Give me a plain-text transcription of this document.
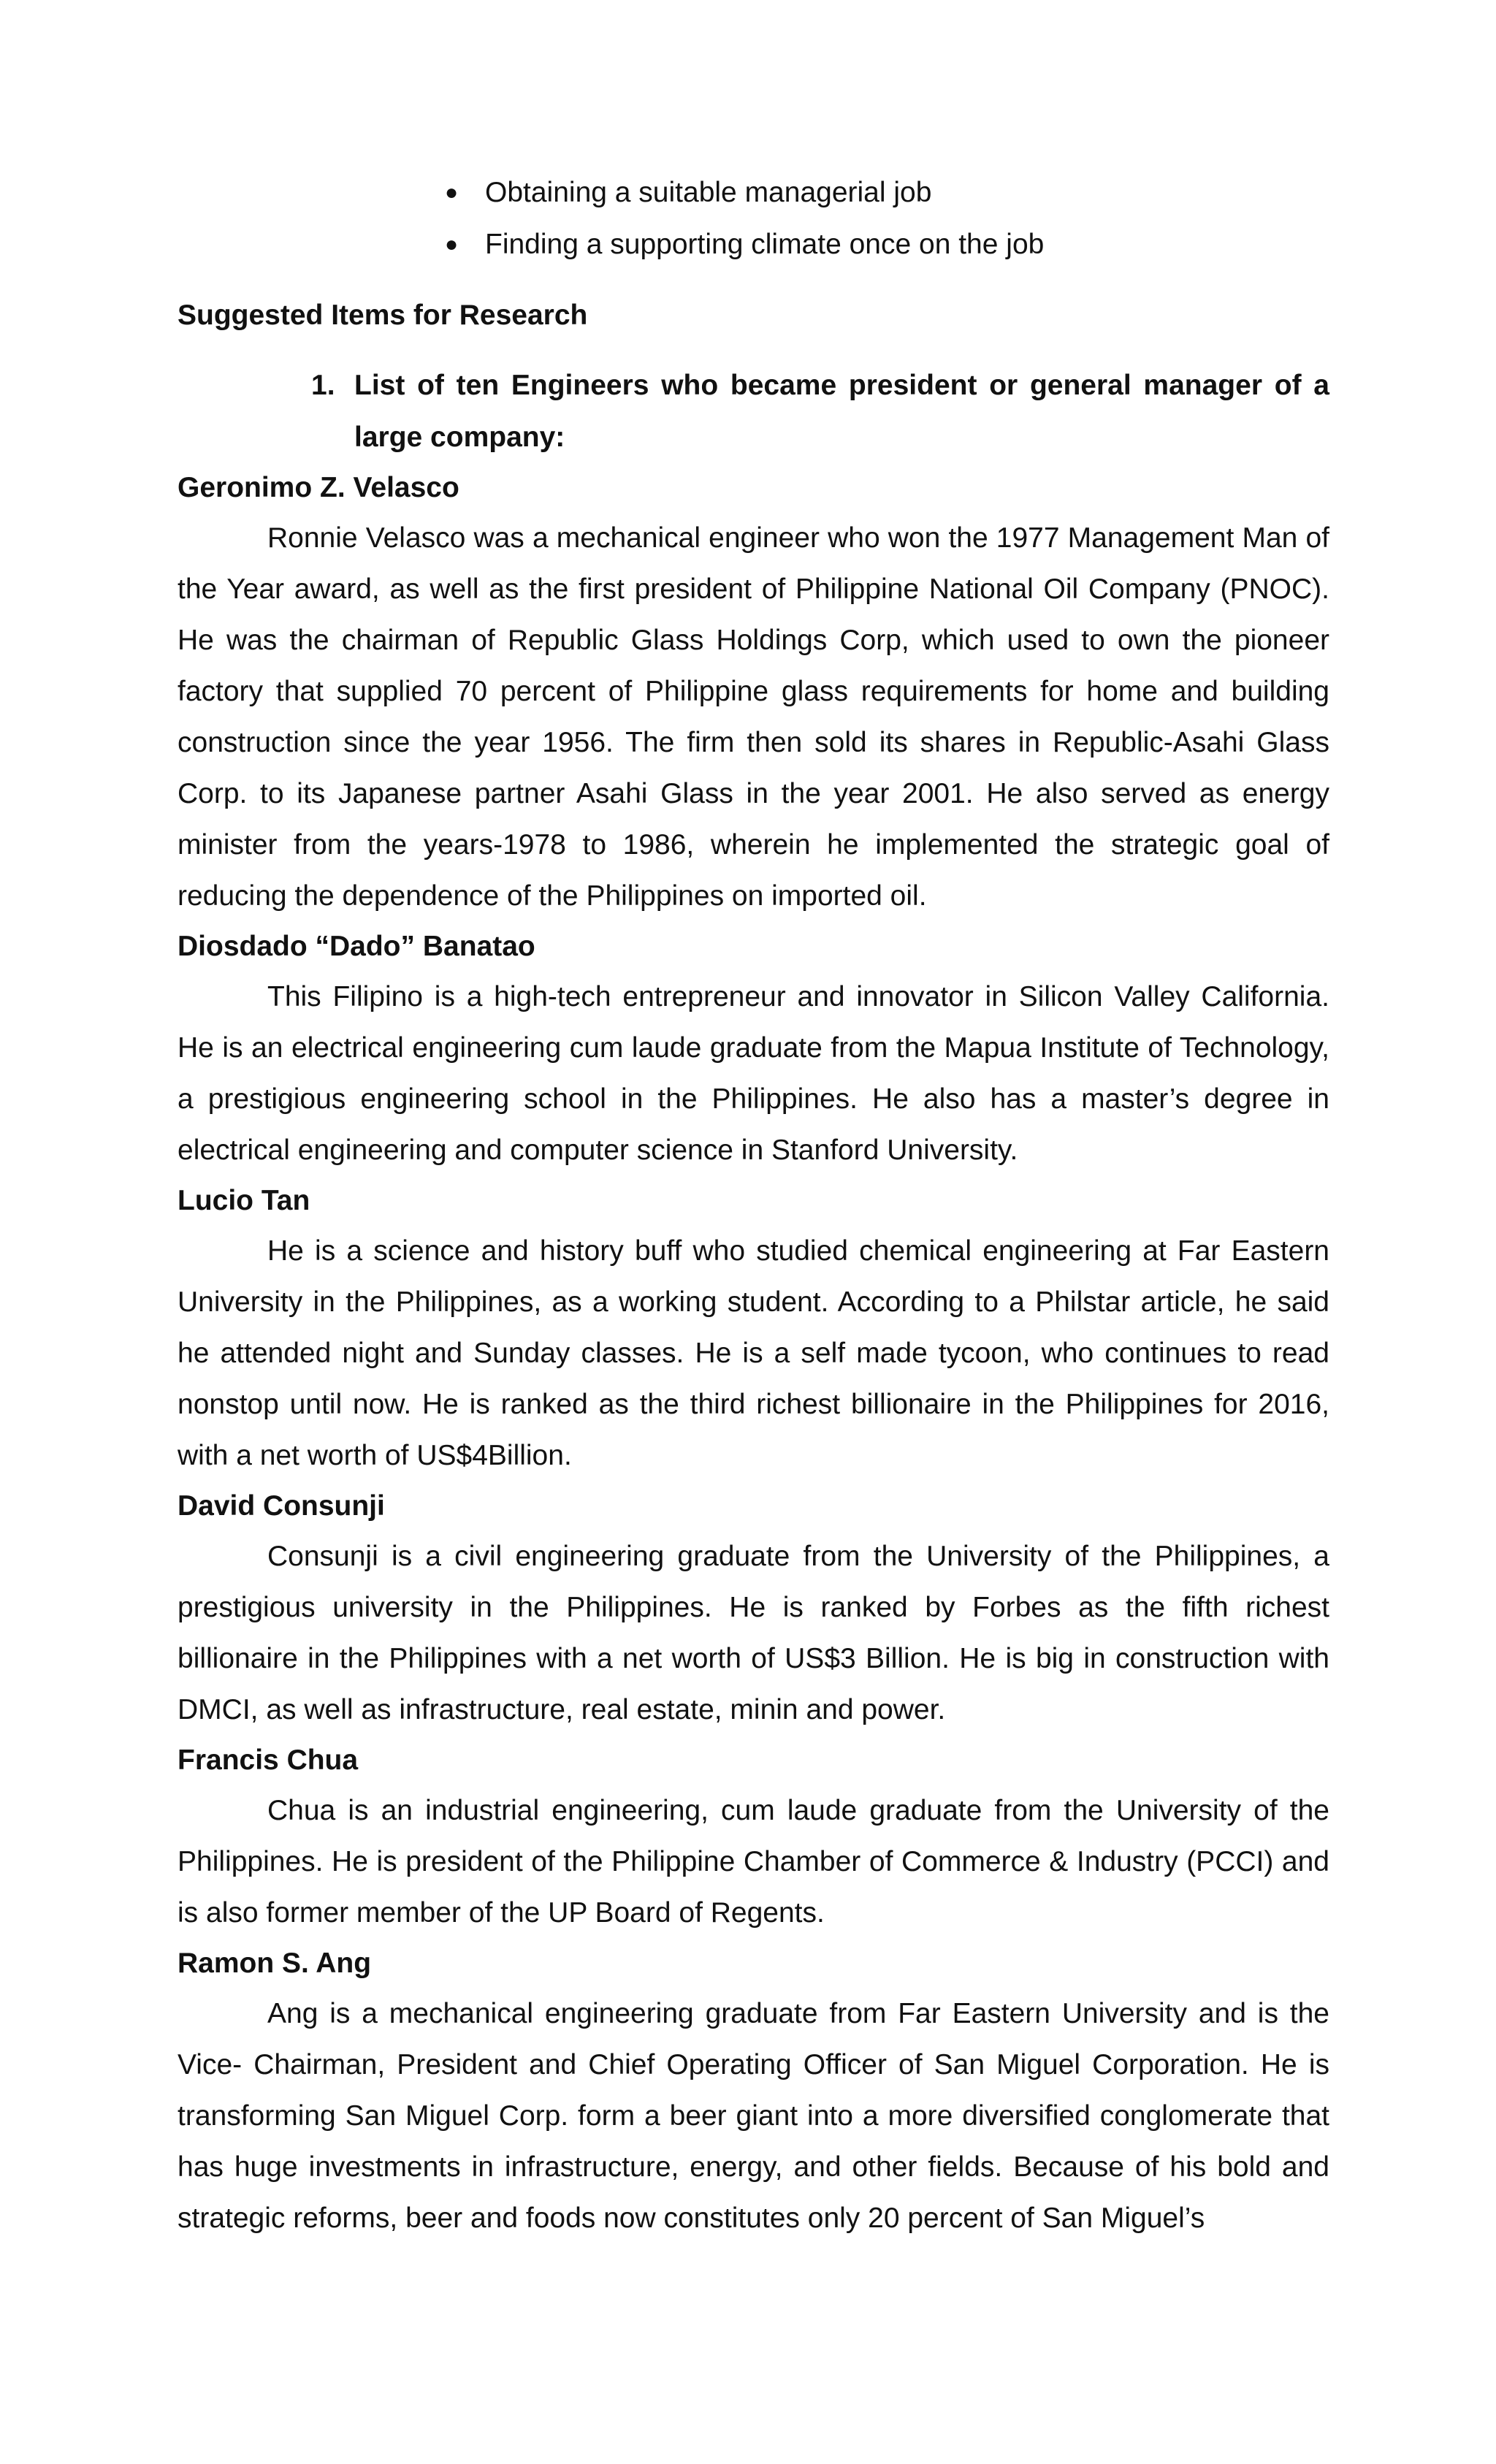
● Obtaining a suitable managerial job
● Finding a supporting climate once on the job
Suggested Items for Research
1. List of ten Engineers who became president or general manager of a large company:

Geronimo Z. Velasco

Ronnie Velasco was a mechanical engineer who won the 1977 Management Man of the Year award, as well as the first president of Philippine National Oil Company (PNOC). He was the chairman of Republic Glass Holdings Corp, which used to own the pioneer factory that supplied 70 percent of Philippine glass requirements for home and building construction since the year 1956. The firm then sold its shares in Republic-Asahi Glass Corp. to its Japanese partner Asahi Glass in the year 2001. He also served as energy minister from the years-1978 to 1986, wherein he implemented the strategic goal of reducing the dependence of the Philippines on imported oil.

Diosdado “Dado” Banatao

This Filipino is a high-tech entrepreneur and innovator in Silicon Valley California. He is an electrical engineering cum laude graduate from the Mapua Institute of Technology, a prestigious engineering school in the Philippines. He also has a master’s degree in electrical engineering and computer science in Stanford University.

Lucio Tan

He is a science and history buff who studied chemical engineering at Far Eastern University in the Philippines, as a working student. According to a Philstar article, he said he attended night and Sunday classes. He is a self made tycoon, who continues to read nonstop until now. He is ranked as the third richest billionaire in the Philippines for 2016, with a net worth of US$4Billion.

David Consunji

Consunji is a civil engineering graduate from the University of the Philippines, a prestigious university in the Philippines. He is ranked by Forbes as the fifth richest billionaire in the Philippines with a net worth of US$3 Billion. He is big in construction with DMCI, as well as infrastructure, real estate, minin and power.

Francis Chua

Chua is an industrial engineering, cum laude graduate from the University of the Philippines. He is president of the Philippine Chamber of Commerce & Industry (PCCI) and is also former member of the UP Board of Regents.

Ramon S. Ang

Ang is a mechanical engineering graduate from Far Eastern University and is the Vice- Chairman, President and Chief Operating Officer of San Miguel Corporation. He is transforming San Miguel Corp. form a beer giant into a more diversified conglomerate that has huge investments in infrastructure, energy, and other fields. Because of his bold and strategic reforms, beer and foods now constitutes only 20 percent of San Miguel’s
